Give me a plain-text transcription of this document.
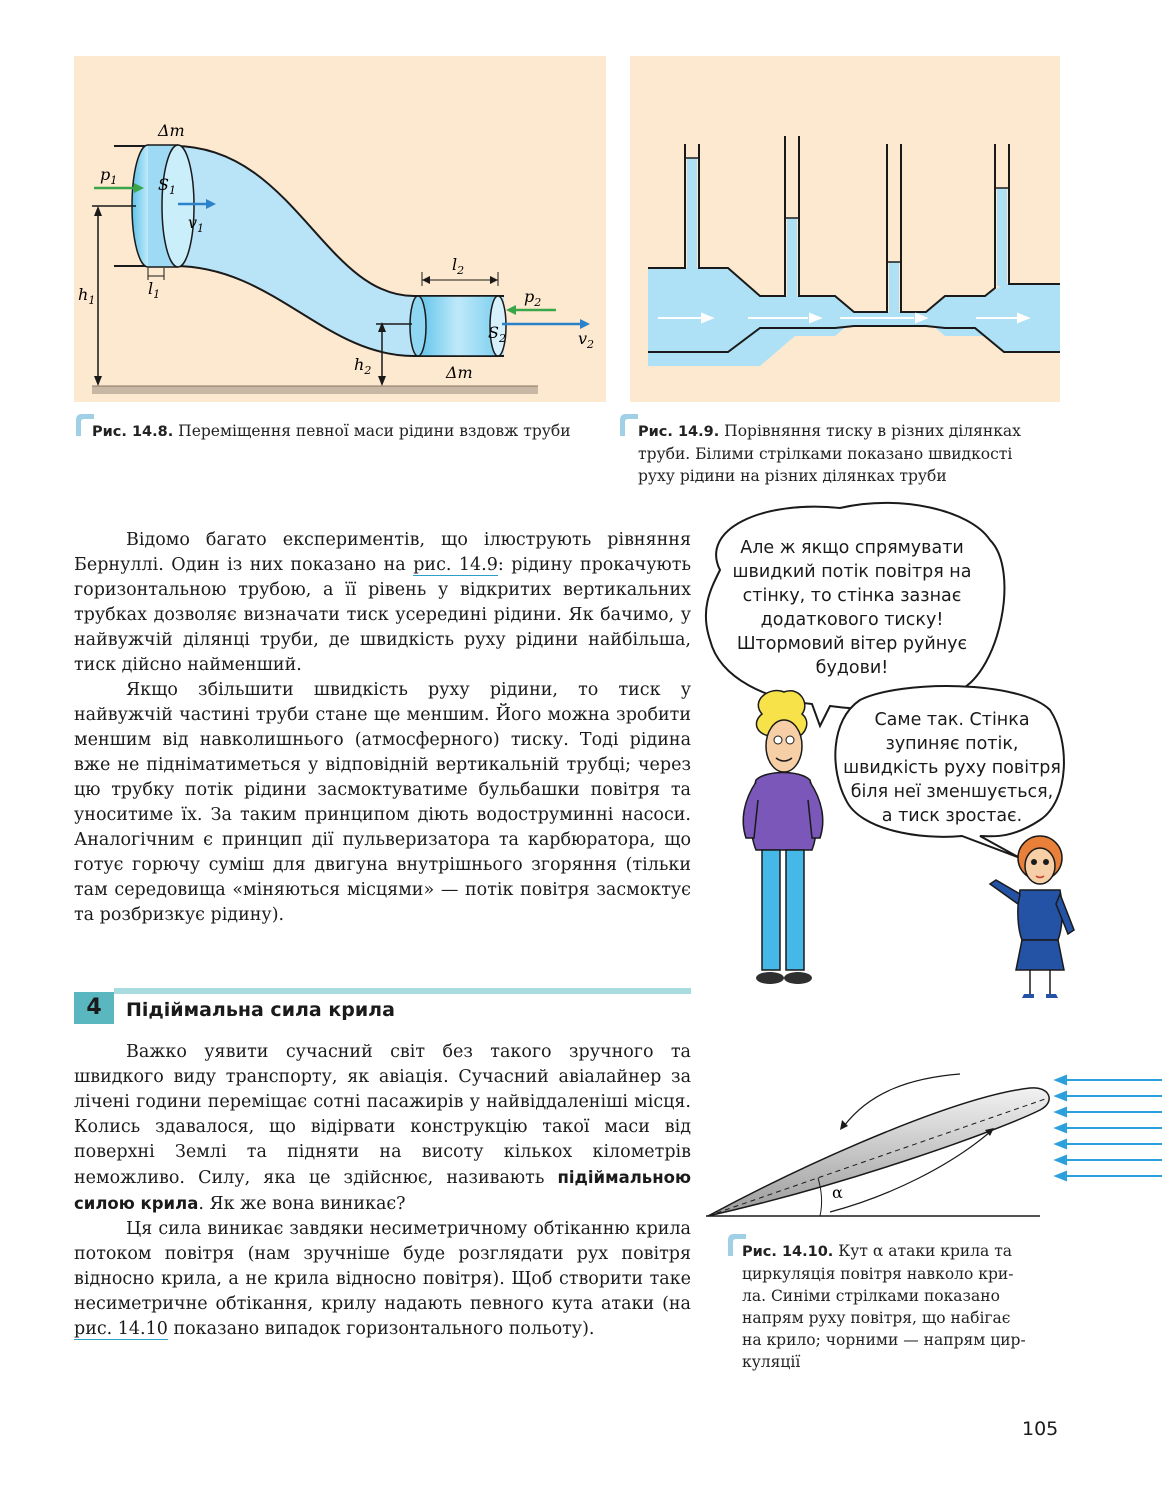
Δm
$p_1$	$S_1$
$v_1$
$l_1$
$h_1$
$l_2$
$p_2$
$S_2$	$v_2$
$h_2$	Δm
Рис. 14.8. Переміщення певної маси рідини вздовж труби	Рис. 14.9. Порівняння тиску в різних ділянках
труби. Білими стрілками показано швидкості
руху рідини на різних ділянках труби

Відомо багато експериментів, що ілюструють рівняння Бернуллі. Один із них показано на рис. 14.9: рідину прокачують горизонтальною трубою, а її рівень у відкритих вертикальних трубках дозволяє визначати тиск усередині рідини. Як бачимо, у найвужчій ділянці труби, де швидкість руху рідини найбільша, тиск дійсно найменший.

Якщо збільшити швидкість руху рідини, то тиск у найвужчій частині труби стане ще меншим. Його можна зробити меншим від навколишнього (атмосферного) тиску. Тоді рідина вже не підніматиметься у відповідній вертикальній трубці; через цю трубку потік рідини засмоктуватиме бульбашки повітря та уноситиме їх. За таким принципом діють водоструминні насоси. Аналогічним є принцип дії пульверизатора та карбюратора, що готує горючу суміш для двигуна внутрішнього згоряння (тільки там середовища «міняються місцями» — потік повітря засмоктує та розбризкує рідину).

Але ж якщо спрямувати
швидкий потік повітря на
стінку, то стінка зазнає
додаткового тиску!
Штормовий вітер руйнує
будови!
Саме так. Стінка
зупиняє потік,
швидкість руху повітря
біля неї зменшується,
а тиск зростає.
4	Підіймальна сила крила

Важко уявити сучасний світ без такого зручного та швидкого виду транспорту, як авіація. Сучасний авіалайнер за лічені години переміщає сотні пасажирів у найвіддаленіші місця. Колись здавалося, що відірвати конструкцію такої маси від поверхні Землі та підняти на висоту кількох кілометрів неможливо. Силу, яка це здійснює, називають підіймальною силою крила. Як же вона виникає?

Ця сила виникає завдяки несиметричному обтіканню крила потоком повітря (нам зручніше буде розглядати рух повітря відносно крила, а не крила відносно повітря). Щоб створити таке несиметричне обтікання, крилу надають певного кута атаки (на рис. 14.10 показано випадок горизонтального польоту).

α
Рис. 14.10. Кут α атаки крила та
циркуляція повітря навколо кри-
ла. Синіми стрілками показано
напрям руху повітря, що набігає
на крило; чорними — напрям цир-
куляції
105
